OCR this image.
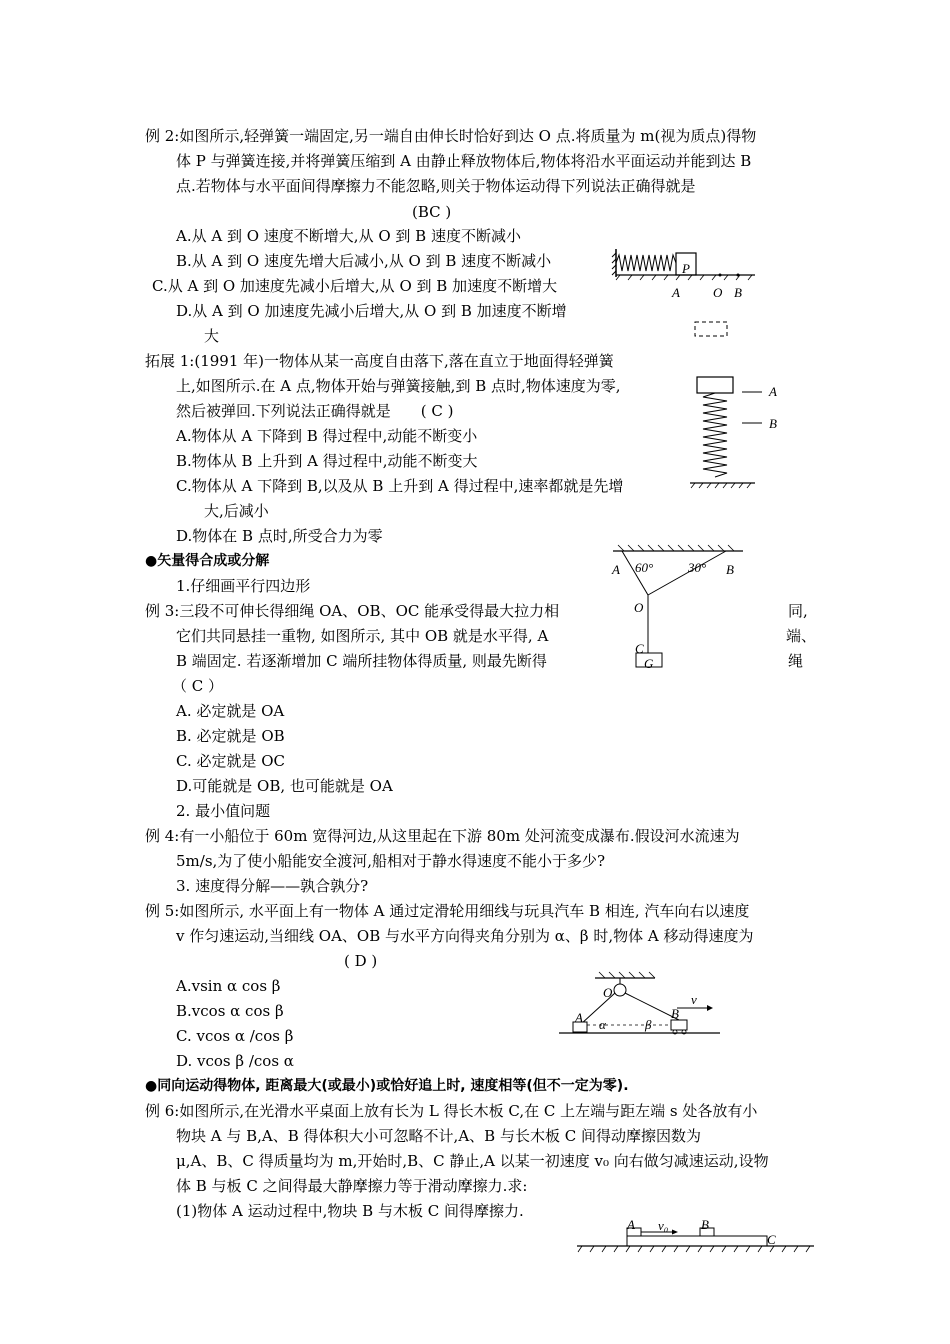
例 2:如图所示,轻弹簧一端固定,另一端自由伸长时恰好到达 O 点.将质量为 m(视为质点)得物
体 P 与弹簧连接,并将弹簧压缩到 A 由静止释放物体后,物体将沿水平面运动并能到达 B
点.若物体与水平面间得摩擦力不能忽略,则关于物体运动得下列说法正确得就是
(BC )
A.从 A 到 O 速度不断增大,从 O 到 B 速度不断减小
B.从 A 到 O 速度先增大后减小,从 O 到 B 速度不断减小
C.从 A 到 O 加速度先减小后增大,从 O 到 B 加速度不断增大
D.从 A 到 O 加速度先减小后增大,从 O 到 B 加速度不断增
大
P
A	O B
拓展 1:(1991 年)一物体从某一高度自由落下,落在直立于地面得轻弹簧
上,如图所示.在 A 点,物体开始与弹簧接触,到 B 点时,物体速度为零,
然后被弹回.下列说法正确得就是　　( C )
A.物体从 A 下降到 B 得过程中,动能不断变小
B.物体从 B 上升到 A 得过程中,动能不断变大
C.物体从 A 下降到 B,以及从 B 上升到 A 得过程中,速率都就是先增
大,后减小
D.物体在 B 点时,所受合力为零
A
B
●矢量得合成或分解
1.仔细画平行四边形
例 3:三段不可伸长得细绳 OA、OB、OC 能承受得最大拉力相	同,
它们共同悬挂一重物, 如图所示, 其中 OB 就是水平得, A	端、
B 端固定. 若逐渐增加 C 端所挂物体得质量, 则最先断得	绳
（ C ）
A. 必定就是 OA
B. 必定就是 OB
C. 必定就是 OC
D.可能就是 OB, 也可能就是 OA
A 60°	30° B
O
C
G
2. 最小值问题
例 4:有一小船位于 60m 宽得河边,从这里起在下游 80m 处河流变成瀑布.假设河水流速为
5m/s,为了使小船能安全渡河,船相对于静水得速度不能小于多少?
3. 速度得分解——孰合孰分?
例 5:如图所示, 水平面上有一物体 A 通过定滑轮用细线与玩具汽车 B 相连, 汽车向右以速度
v 作匀速运动,当细线 OA、OB 与水平方向得夹角分别为 α、β 时,物体 A 移动得速度为
( D )
A.vsin α cos β
B.vcos α cos β
C. vcos α /cos β
D. vcos β /cos α
O
A	B
v
α	β
●同向运动得物体, 距离最大(或最小)或恰好追上时, 速度相等(但不一定为零).
例 6:如图所示,在光滑水平桌面上放有长为 L 得长木板 C,在 C 上左端与距左端 s 处各放有小
物块 A 与 B,A、B 得体积大小可忽略不计,A、B 与长木板 C 间得动摩擦因数为
μ,A、B、C 得质量均为 m,开始时,B、C 静止,A 以某一初速度 v₀ 向右做匀减速运动,设物
体 B 与板 C 之间得最大静摩擦力等于滑动摩擦力.求:
(1)物体 A 运动过程中,物块 B 与木板 C 间得摩擦力.
A v₀	B
C
